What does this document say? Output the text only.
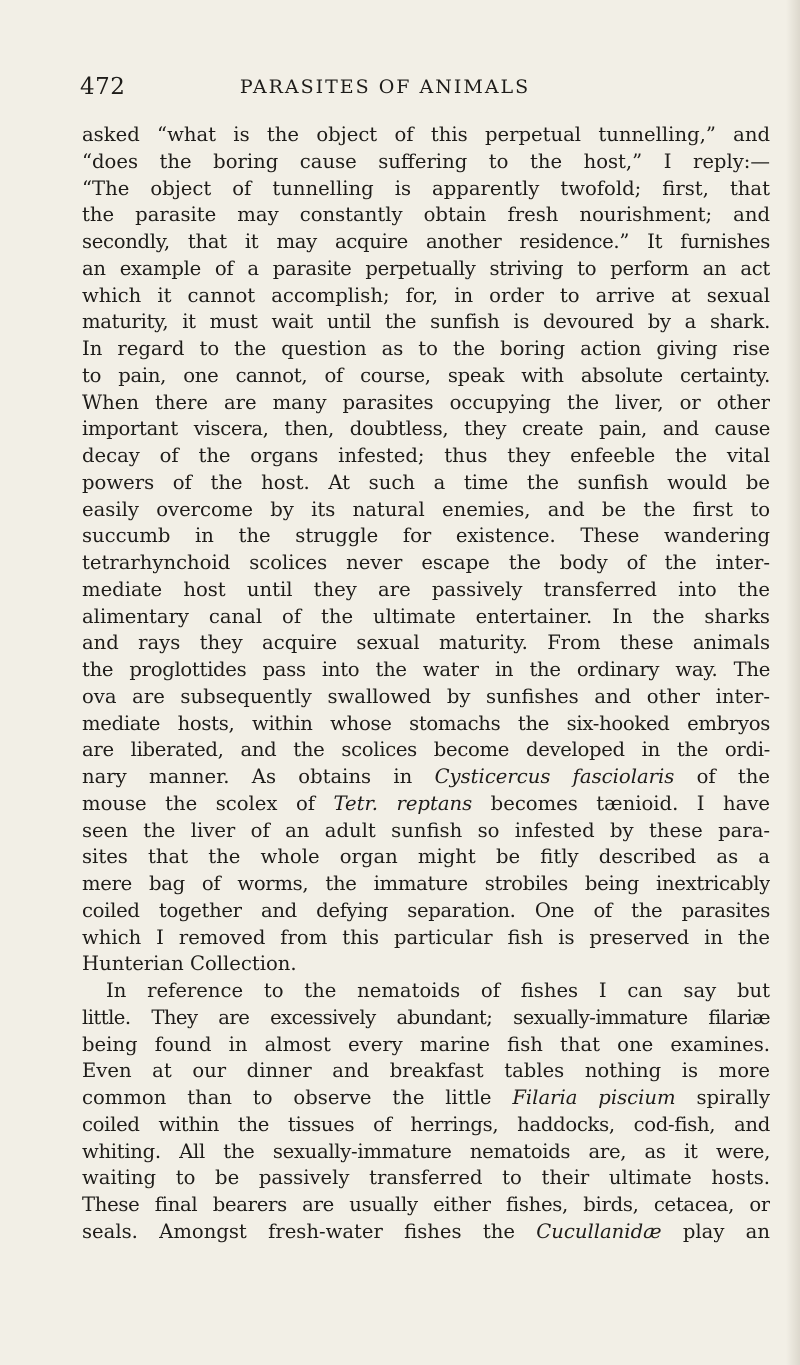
472	PARASITES OF ANIMALS
asked “what is the object of this perpetual tunnelling,” and
“does the boring cause suffering to the host,” I reply:—
“The object of tunnelling is apparently twofold; first, that
the parasite may constantly obtain fresh nourishment; and
secondly, that it may acquire another residence.” It furnishes
an example of a parasite perpetually striving to perform an act
which it cannot accomplish; for, in order to arrive at sexual
maturity, it must wait until the sunfish is devoured by a shark.
In regard to the question as to the boring action giving rise
to pain, one cannot, of course, speak with absolute certainty.
When there are many parasites occupying the liver, or other
important viscera, then, doubtless, they create pain, and cause
decay of the organs infested; thus they enfeeble the vital
powers of the host. At such a time the sunfish would be
easily overcome by its natural enemies, and be the first to
succumb in the struggle for existence. These wandering
tetrarhynchoid scolices never escape the body of the inter-
mediate host until they are passively transferred into the
alimentary canal of the ultimate entertainer. In the sharks
and rays they acquire sexual maturity. From these animals
the proglottides pass into the water in the ordinary way. The
ova are subsequently swallowed by sunfishes and other inter-
mediate hosts, within whose stomachs the six-hooked embryos
are liberated, and the scolices become developed in the ordi-
nary manner. As obtains in Cysticercus fasciolaris of the
mouse the scolex of Tetr. reptans becomes tænioid. I have
seen the liver of an adult sunfish so infested by these para-
sites that the whole organ might be fitly described as a
mere bag of worms, the immature strobiles being inextricably
coiled together and defying separation. One of the parasites
which I removed from this particular fish is preserved in the
Hunterian Collection.
In reference to the nematoids of fishes I can say but
little. They are excessively abundant; sexually-immature filariæ
being found in almost every marine fish that one examines.
Even at our dinner and breakfast tables nothing is more
common than to observe the little Filaria piscium spirally
coiled within the tissues of herrings, haddocks, cod-fish, and
whiting. All the sexually-immature nematoids are, as it were,
waiting to be passively transferred to their ultimate hosts.
These final bearers are usually either fishes, birds, cetacea, or
seals. Amongst fresh-water fishes the Cucullanidæ play an
